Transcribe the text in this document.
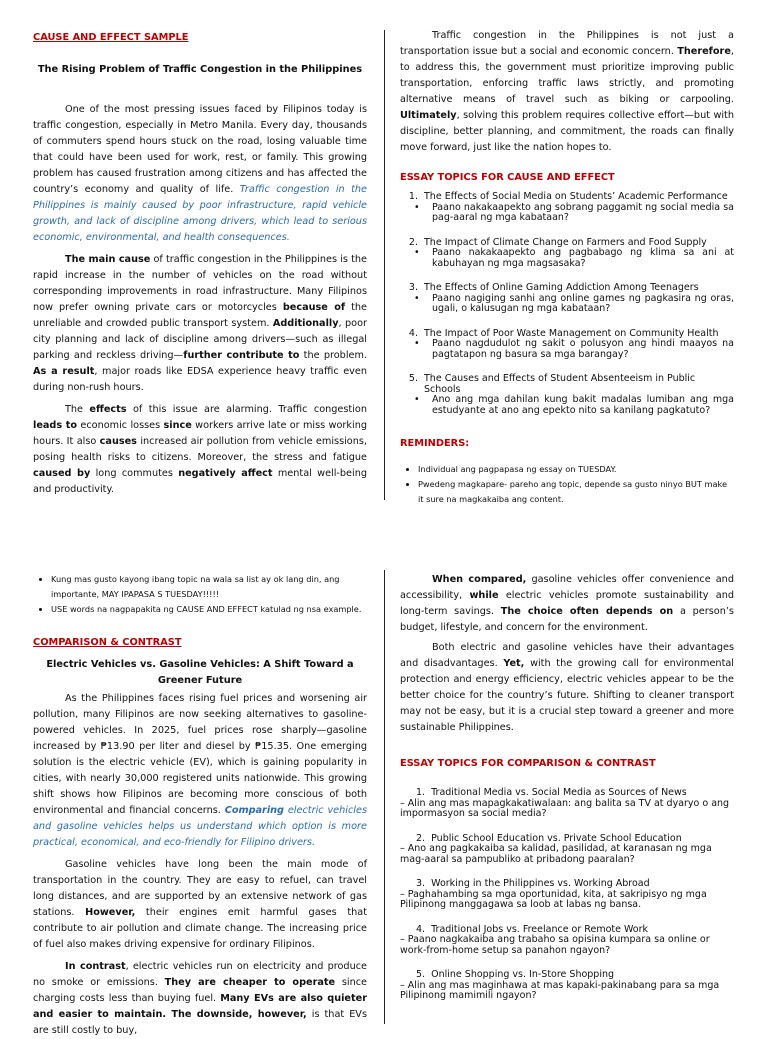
CAUSE AND EFFECT SAMPLE
The Rising Problem of Traffic Congestion in the Philippines

One of the most pressing issues faced by Filipinos today is traffic congestion, especially in Metro Manila. Every day, thousands of commuters spend hours stuck on the road, losing valuable time that could have been used for work, rest, or family. This growing problem has caused frustration among citizens and has affected the country’s economy and quality of life. Traffic congestion in the Philippines is mainly caused by poor infrastructure, rapid vehicle growth, and lack of discipline among drivers, which lead to serious economic, environmental, and health consequences.

The main cause of traffic congestion in the Philippines is the rapid increase in the number of vehicles on the road without corresponding improvements in road infrastructure. Many Filipinos now prefer owning private cars or motorcycles because of the unreliable and crowded public transport system. Additionally, poor city planning and lack of discipline among drivers—such as illegal parking and reckless driving—further contribute to the problem. As a result, major roads like EDSA experience heavy traffic even during non-rush hours.

The effects of this issue are alarming. Traffic congestion leads to economic losses since workers arrive late or miss working hours. It also causes increased air pollution from vehicle emissions, posing health risks to citizens. Moreover, the stress and fatigue caused by long commutes negatively affect mental well-being and productivity.

Traffic congestion in the Philippines is not just a transportation issue but a social and economic concern. Therefore, to address this, the government must prioritize improving public transportation, enforcing traffic laws strictly, and promoting alternative means of travel such as biking or carpooling. Ultimately, solving this problem requires collective effort—but with discipline, better planning, and commitment, the roads can finally move forward, just like the nation hopes to.

ESSAY TOPICS FOR CAUSE AND EFFECT
1. The Effects of Social Media on Students’ Academic Performance
•	Paano nakakaapekto ang sobrang paggamit ng social media sa pag-aaral ng mga kabataan?
2. The Impact of Climate Change on Farmers and Food Supply
•	Paano nakakaapekto ang pagbabago ng klima sa ani at kabuhayan ng mga magsasaka?
3. The Effects of Online Gaming Addiction Among Teenagers
•	Paano nagiging sanhi ang online games ng pagkasira ng oras, ugali, o kalusugan ng mga kabataan?
4. The Impact of Poor Waste Management on Community Health
•	Paano nagdudulot ng sakit o polusyon ang hindi maayos na pagtatapon ng basura sa mga barangay?
5. The Causes and Effects of Student Absenteeism in Public Schools
•	Ano ang mga dahilan kung bakit madalas lumiban ang mga estudyante at ano ang epekto nito sa kanilang pagkatuto?
REMINDERS:
• Individual ang pagpapasa ng essay on TUESDAY.
• Pwedeng magkapare- pareho ang topic, depende sa gusto ninyo BUT make it sure na magkakaiba ang content.
• Kung mas gusto kayong ibang topic na wala sa list ay ok lang din, ang importante, MAY IPAPASA S TUESDAY!!!!!
• USE words na nagpapakita ng CAUSE AND EFFECT katulad ng nsa example.
COMPARISON & CONTRAST
Electric Vehicles vs. Gasoline Vehicles: A Shift Toward a Greener Future

As the Philippines faces rising fuel prices and worsening air pollution, many Filipinos are now seeking alternatives to gasoline-powered vehicles. In 2025, fuel prices rose sharply—gasoline increased by ₱13.90 per liter and diesel by ₱15.35. One emerging solution is the electric vehicle (EV), which is gaining popularity in cities, with nearly 30,000 registered units nationwide. This growing shift shows how Filipinos are becoming more conscious of both environmental and financial concerns. Comparing electric vehicles and gasoline vehicles helps us understand which option is more practical, economical, and eco-friendly for Filipino drivers.

Gasoline vehicles have long been the main mode of transportation in the country. They are easy to refuel, can travel long distances, and are supported by an extensive network of gas stations. However, their engines emit harmful gases that contribute to air pollution and climate change. The increasing price of fuel also makes driving expensive for ordinary Filipinos.

In contrast, electric vehicles run on electricity and produce no smoke or emissions. They are cheaper to operate since charging costs less than buying fuel. Many EVs are also quieter and easier to maintain. The downside, however, is that EVs are still costly to buy,

When compared, gasoline vehicles offer convenience and accessibility, while electric vehicles promote sustainability and long-term savings. The choice often depends on a person’s budget, lifestyle, and concern for the environment.

Both electric and gasoline vehicles have their advantages and disadvantages. Yet, with the growing call for environmental protection and energy efficiency, electric vehicles appear to be the better choice for the country’s future. Shifting to cleaner transport may not be easy, but it is a crucial step toward a greener and more sustainable Philippines.

ESSAY TOPICS FOR COMPARISON & CONTRAST
1. Traditional Media vs. Social Media as Sources of News
– Alin ang mas mapagkakatiwalaan: ang balita sa TV at dyaryo o ang impormasyon sa social media?
2. Public School Education vs. Private School Education
– Ano ang pagkakaiba sa kalidad, pasilidad, at karanasan ng mga mag-aaral sa pampubliko at pribadong paaralan?
3. Working in the Philippines vs. Working Abroad
– Paghahambing sa mga oportunidad, kita, at sakripisyo ng mga Pilipinong manggagawa sa loob at labas ng bansa.
4. Traditional Jobs vs. Freelance or Remote Work
– Paano nagkakaiba ang trabaho sa opisina kumpara sa online or work-from-home setup sa panahon ngayon?
5. Online Shopping vs. In-Store Shopping
– Alin ang mas maginhawa at mas kapaki-pakinabang para sa mga Pilipinong mamimili ngayon?
